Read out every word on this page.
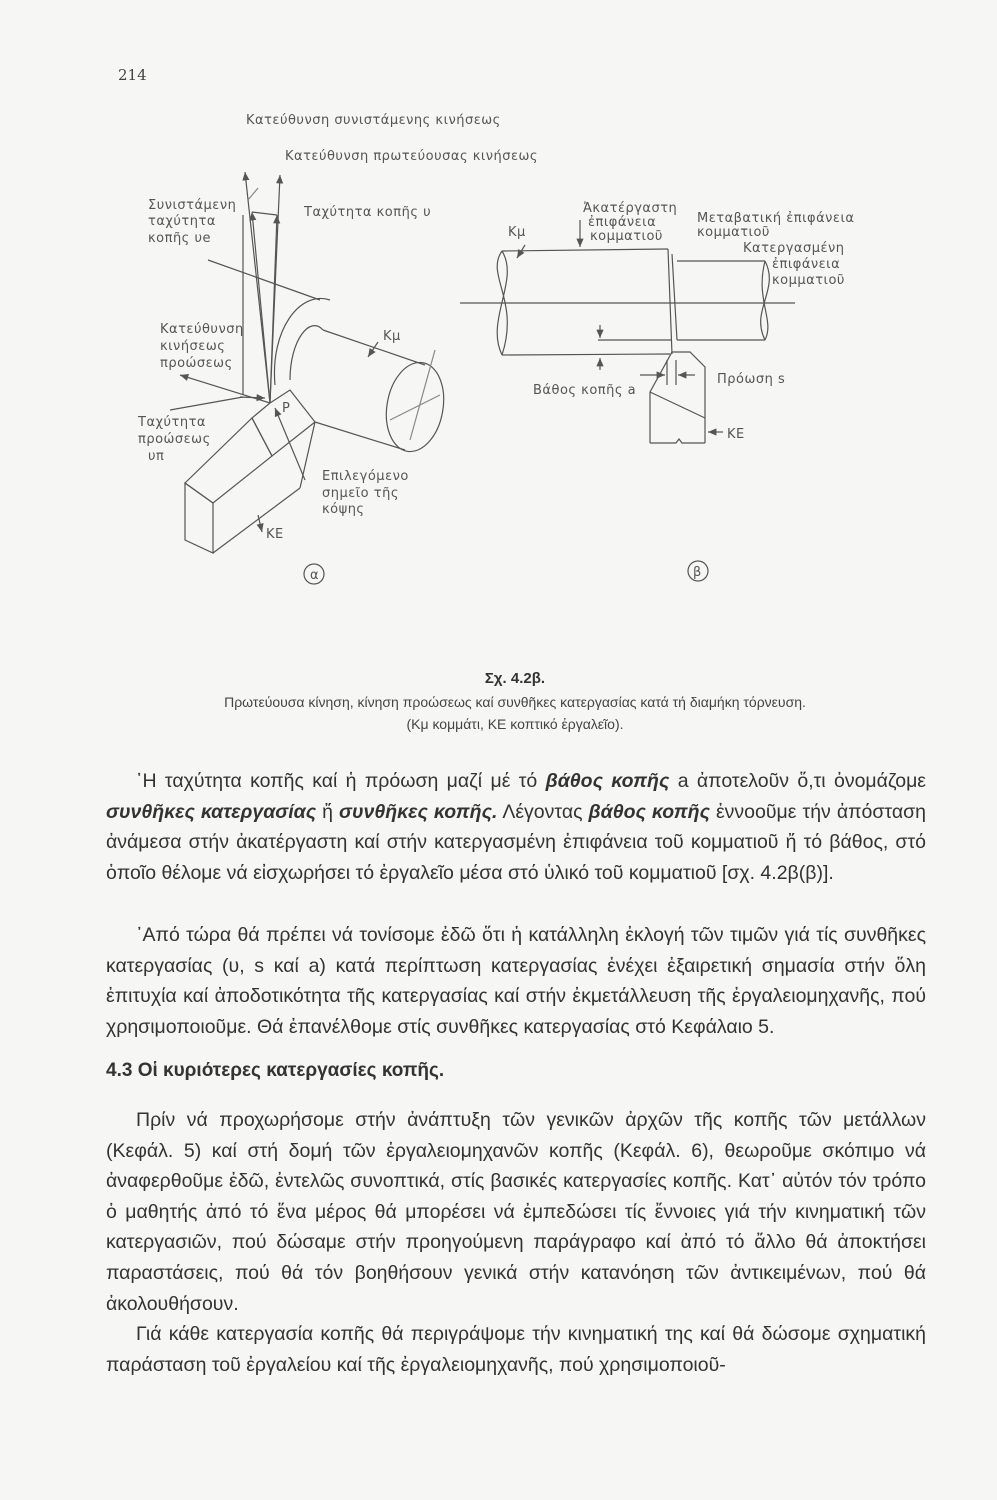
214
Κατεύθυνση συνιστάμενης κινήσεως
Κατεύθυνση πρωτεύουσας κινήσεως
Συνιστάμενη
ταχύτητα
κοπῆς υe
Ταχύτητα κοπῆς υ
Κατεύθυνση
κινήσεως
προώσεως
Ταχύτητα
προώσεως
υπ
Κμ
P
Επιλεγόμενο
σημεῖο τῆς
κόψης
ΚΕ
α
Κμ
Ἀκατέργαστη
ἐπιφάνεια
κομματιοῦ
Μεταβατική ἐπιφάνεια
κομματιοῦ
Κατεργασμένη
ἐπιφάνεια
κομματιοῦ
Βάθος κοπῆς a
Πρόωση s
ΚΕ
β
Σχ. 4.2β.
Πρωτεύουσα κίνηση, κίνηση προώσεως καί συνθῆκες κατεργασίας κατά τή διαμήκη τόρνευση.
(Κμ κομμάτι, ΚΕ κοπτικό ἐργαλεῖο).

῾Η ταχύτητα κοπῆς καί ἡ πρόωση μαζί μέ τό βάθος κοπῆς a ἀποτελοῦν ὅ,τι ὀνομάζομε συνθῆκες κατεργασίας ἤ συνθῆκες κοπῆς. Λέγοντας βάθος κοπῆς ἐννοοῦμε τήν ἀπόσταση ἀνάμεσα στήν ἀκατέργαστη καί στήν κατεργασμένη ἐπιφάνεια τοῦ κομματιοῦ ἤ τό βάθος, στό ὁποῖο θέλομε νά εἰσχωρήσει τό ἐργαλεῖο μέσα στό ὑλικό τοῦ κομματιοῦ [σχ. 4.2β(β)].

᾿Από τώρα θά πρέπει νά τονίσομε ἐδῶ ὅτι ἡ κατάλληλη ἐκλογή τῶν τιμῶν γιά τίς συνθῆκες κατεργασίας (υ, s καί a) κατά περίπτωση κατεργασίας ἐνέχει ἐξαιρετική σημασία στήν ὅλη ἐπιτυχία καί ἀποδοτικότητα τῆς κατεργασίας καί στήν ἐκμετάλλευση τῆς ἐργαλειομηχανῆς, πού χρησιμοποιοῦμε. Θά ἐπανέλθομε στίς συνθῆκες κατεργασίας στό Κεφάλαιο 5.

4.3 Οἱ κυριότερες κατεργασίες κοπῆς.

Πρίν νά προχωρήσομε στήν ἀνάπτυξη τῶν γενικῶν ἀρχῶν τῆς κοπῆς τῶν μετάλλων (Κεφάλ. 5) καί στή δομή τῶν ἐργαλειομηχανῶν κοπῆς (Κεφάλ. 6), θεωροῦμε σκόπιμο νά ἀναφερθοῦμε ἐδῶ, ἐντελῶς συνοπτικά, στίς βασικές κατεργασίες κοπῆς. Κατ᾿ αὐτόν τόν τρόπο ὁ μαθητής ἀπό τό ἕνα μέρος θά μπορέσει νά ἐμπεδώσει τίς ἔννοιες γιά τήν κινηματική τῶν κατεργασιῶν, πού δώσαμε στήν προηγούμενη παράγραφο καί ἀπό τό ἄλλο θά ἀποκτήσει παραστάσεις, πού θά τόν βοηθήσουν γενικά στήν κατανόηση τῶν ἀντικειμένων, πού θά ἀκολουθήσουν.

Γιά κάθε κατεργασία κοπῆς θά περιγράψομε τήν κινηματική της καί θά δώσομε σχηματική παράσταση τοῦ ἐργαλείου καί τῆς ἐργαλειομηχανῆς, πού χρησιμοποιοῦ-
